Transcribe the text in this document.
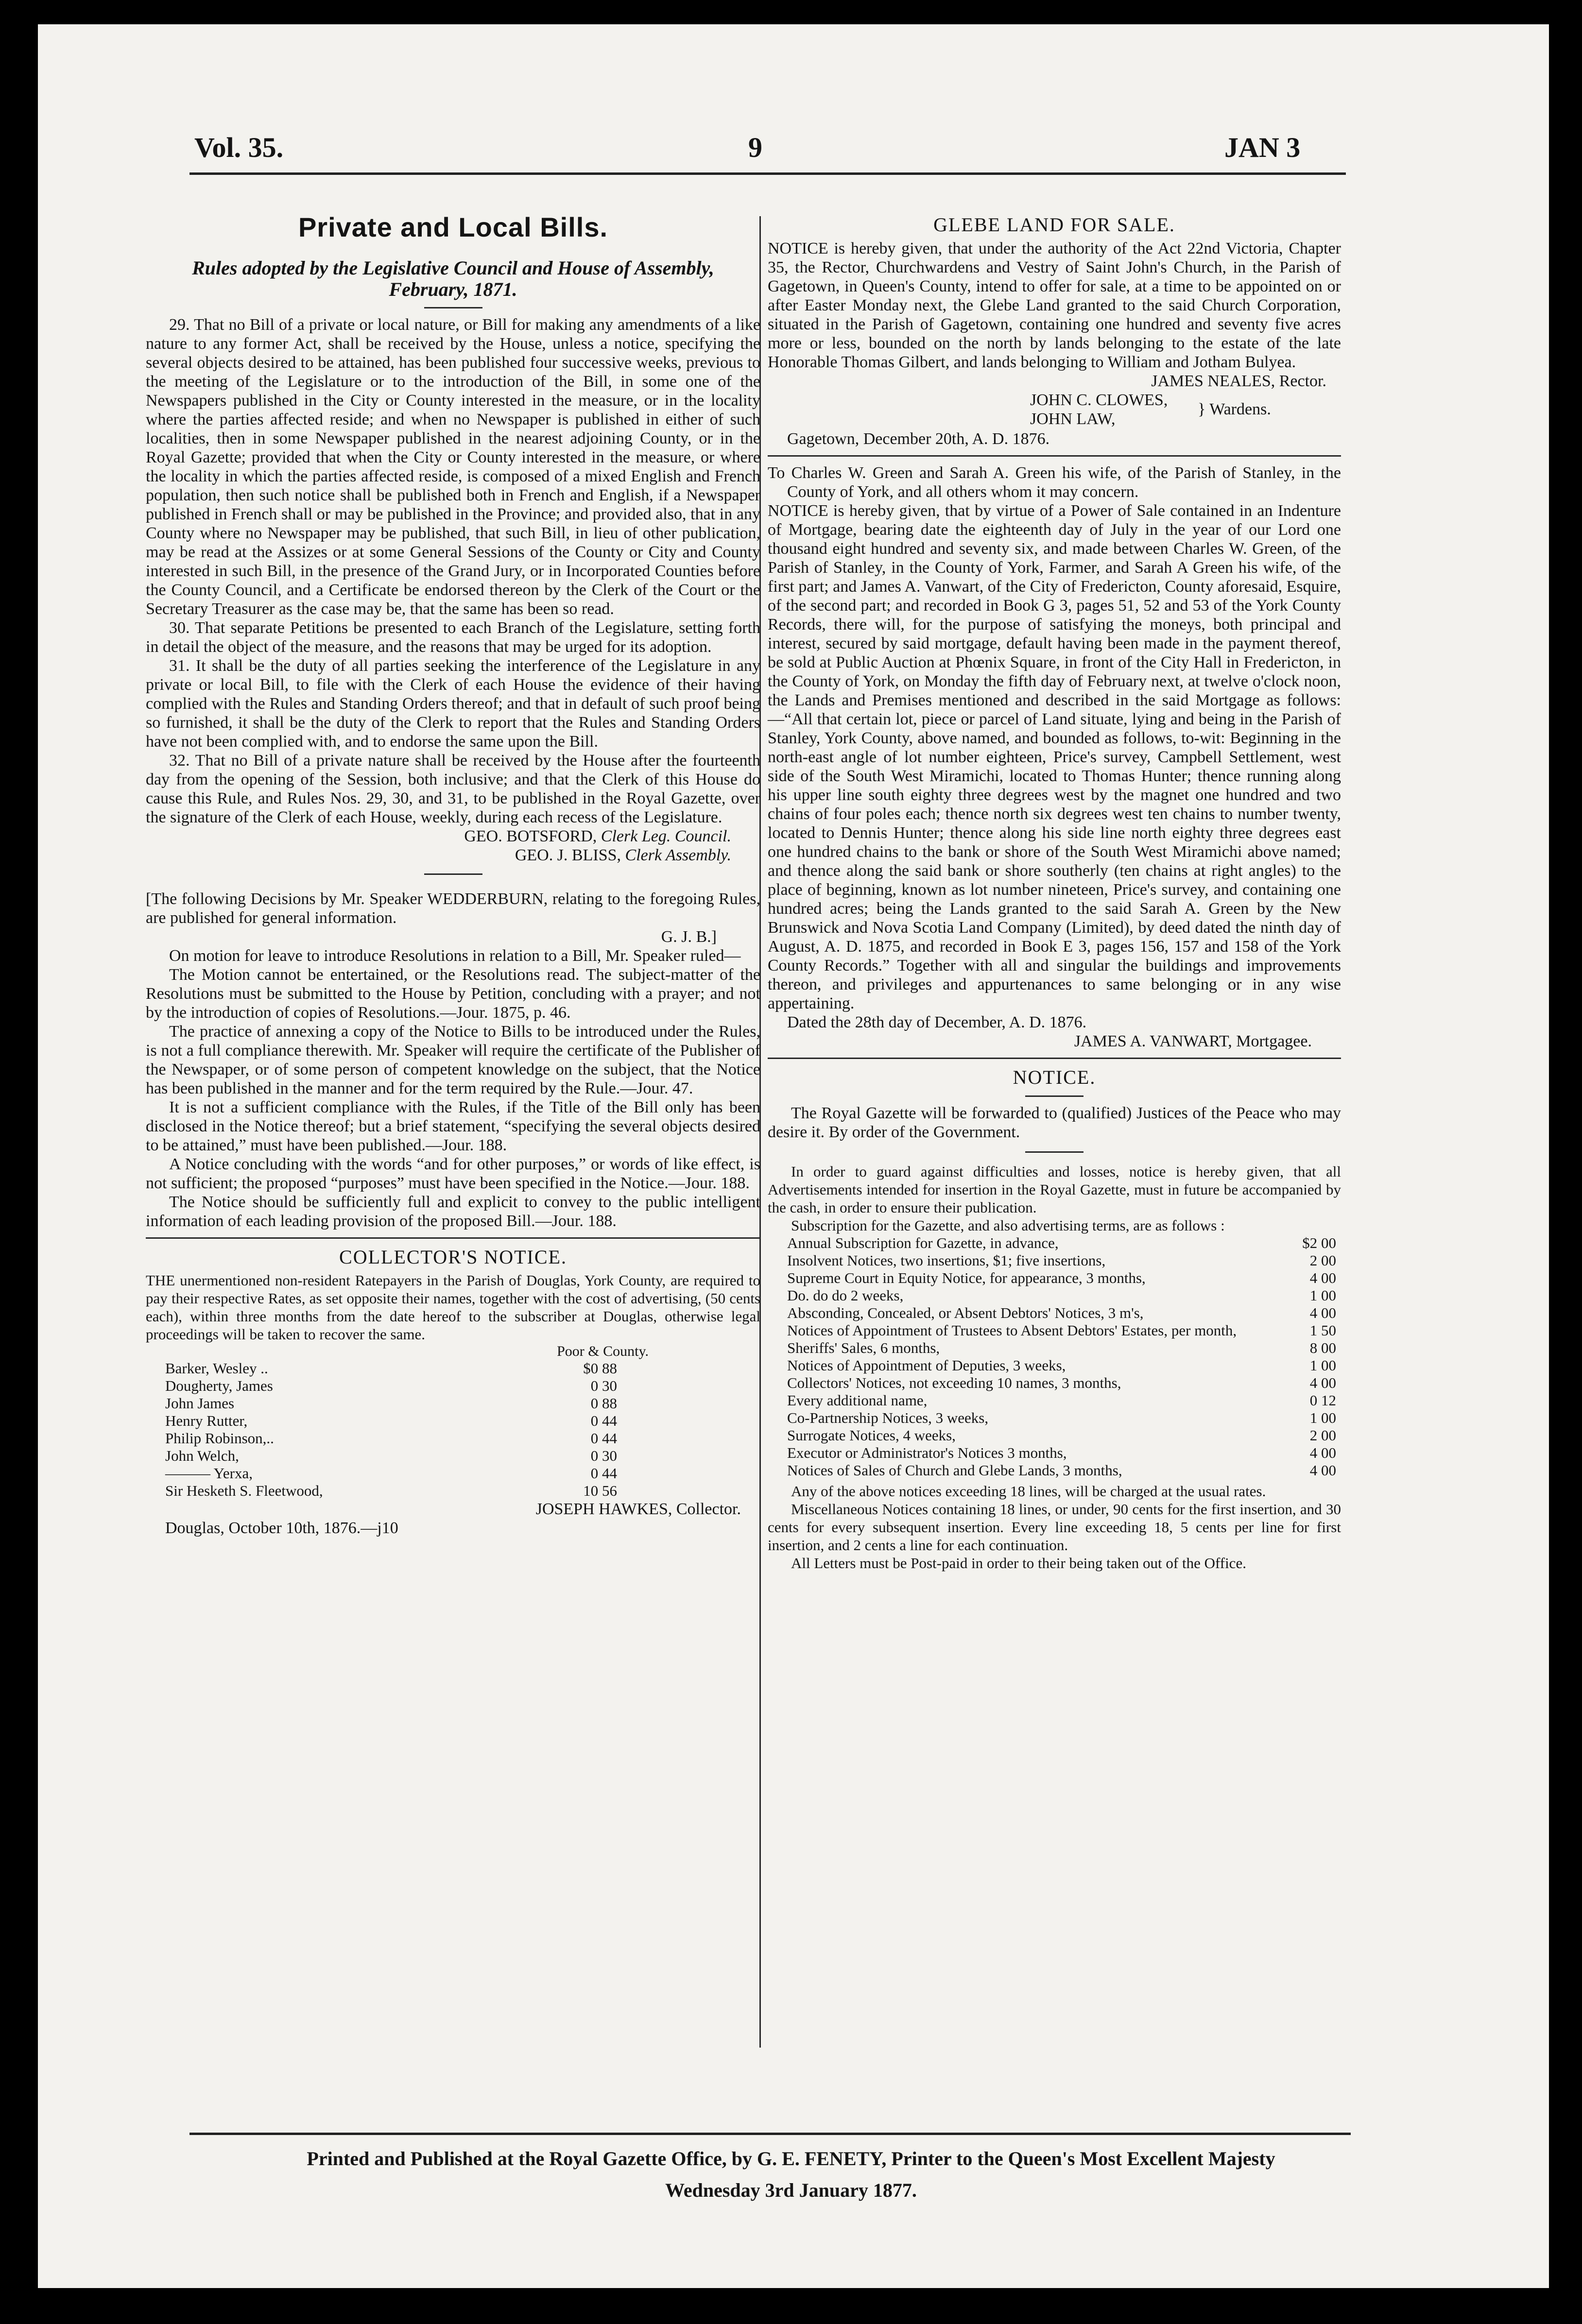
Vol. 35.	9	JAN 3
Private and Local Bills.
Rules adopted by the Legislative Council and House of Assembly, February, 1871.

29. That no Bill of a private or local nature, or Bill for making any amendments of a like nature to any former Act, shall be received by the House, unless a notice, specifying the several objects desired to be attained, has been published four successive weeks, previous to the meeting of the Legislature or to the introduction of the Bill, in some one of the Newspapers published in the City or County interested in the measure, or in the locality where the parties affected reside; and when no Newspaper is published in either of such localities, then in some Newspaper published in the nearest adjoining County, or in the Royal Gazette; provided that when the City or County interested in the measure, or where the locality in which the parties affected reside, is composed of a mixed English and French population, then such notice shall be published both in French and English, if a Newspaper published in French shall or may be published in the Province; and provided also, that in any County where no Newspaper may be published, that such Bill, in lieu of other publication, may be read at the Assizes or at some General Sessions of the County or City and County interested in such Bill, in the presence of the Grand Jury, or in Incorporated Counties before the County Council, and a Certificate be endorsed thereon by the Clerk of the Court or the Secretary Treasurer as the case may be, that the same has been so read.

30. That separate Petitions be presented to each Branch of the Legislature, setting forth in detail the object of the measure, and the reasons that may be urged for its adoption.

31. It shall be the duty of all parties seeking the interference of the Legislature in any private or local Bill, to file with the Clerk of each House the evidence of their having complied with the Rules and Standing Orders thereof; and that in default of such proof being so furnished, it shall be the duty of the Clerk to report that the Rules and Standing Orders have not been complied with, and to endorse the same upon the Bill.

32. That no Bill of a private nature shall be received by the House after the fourteenth day from the opening of the Session, both inclusive; and that the Clerk of this House do cause this Rule, and Rules Nos. 29, 30, and 31, to be published in the Royal Gazette, over the signature of the Clerk of each House, weekly, during each recess of the Legislature.

GEO. BOTSFORD, Clerk Leg. Council.
GEO. J. BLISS, Clerk Assembly.

[The following Decisions by Mr. Speaker WEDDERBURN, relating to the foregoing Rules, are published for general information.

G. J. B.]

On motion for leave to introduce Resolutions in relation to a Bill, Mr. Speaker ruled—

The Motion cannot be entertained, or the Resolutions read. The subject-matter of the Resolutions must be submitted to the House by Petition, concluding with a prayer; and not by the introduction of copies of Resolutions.—Jour. 1875, p. 46.

The practice of annexing a copy of the Notice to Bills to be introduced under the Rules, is not a full compliance therewith. Mr. Speaker will require the certificate of the Publisher of the Newspaper, or of some person of competent knowledge on the subject, that the Notice has been published in the manner and for the term required by the Rule.—Jour. 47.

It is not a sufficient compliance with the Rules, if the Title of the Bill only has been disclosed in the Notice thereof; but a brief statement, “specifying the several objects desired to be attained,” must have been published.—Jour. 188.

A Notice concluding with the words “and for other purposes,” or words of like effect, is not sufficient; the proposed “purposes” must have been specified in the Notice.—Jour. 188.

The Notice should be sufficiently full and explicit to convey to the public intelligent information of each leading provision of the proposed Bill.—Jour. 188.

COLLECTOR'S NOTICE.

THE unermentioned non-resident Ratepayers in the Parish of Douglas, York County, are required to pay their respective Rates, as set opposite their names, together with the cost of advertising, (50 cents each), within three months from the date hereof to the subscriber at Douglas, otherwise legal proceedings will be taken to recover the same.

Poor & County.
Barker, Wesley ..		$0 88
Dougherty, James		0 30
John James		0 88
Henry Rutter,		0 44
Philip Robinson,..		0 44
John Welch,		0 30
——— Yerxa,		0 44
Sir Hesketh S. Fleetwood,		10 56
JOSEPH HAWKES, Collector.

Douglas, October 10th, 1876.—j10

GLEBE LAND FOR SALE.

NOTICE is hereby given, that under the authority of the Act 22nd Victoria, Chapter 35, the Rector, Churchwardens and Vestry of Saint John's Church, in the Parish of Gagetown, in Queen's County, intend to offer for sale, at a time to be appointed on or after Easter Monday next, the Glebe Land granted to the said Church Corporation, situated in the Parish of Gagetown, containing one hundred and seventy five acres more or less, bounded on the north by lands belonging to the estate of the late Honorable Thomas Gilbert, and lands belonging to William and Jotham Bulyea.

JAMES NEALES, Rector.
JOHN C. CLOWES,
JOHN LAW,
} Wardens.

Gagetown, December 20th, A. D. 1876.

To Charles W. Green and Sarah A. Green his wife, of the Parish of Stanley, in the County of York, and all others whom it may concern.

NOTICE is hereby given, that by virtue of a Power of Sale contained in an Indenture of Mortgage, bearing date the eighteenth day of July in the year of our Lord one thousand eight hundred and seventy six, and made between Charles W. Green, of the Parish of Stanley, in the County of York, Farmer, and Sarah A Green his wife, of the first part; and James A. Vanwart, of the City of Fredericton, County aforesaid, Esquire, of the second part; and recorded in Book G 3, pages 51, 52 and 53 of the York County Records, there will, for the purpose of satisfying the moneys, both principal and interest, secured by said mortgage, default having been made in the payment thereof, be sold at Public Auction at Phœnix Square, in front of the City Hall in Fredericton, in the County of York, on Monday the fifth day of February next, at twelve o'clock noon, the Lands and Premises mentioned and described in the said Mortgage as follows:—“All that certain lot, piece or parcel of Land situate, lying and being in the Parish of Stanley, York County, above named, and bounded as follows, to-wit: Beginning in the north-east angle of lot number eighteen, Price's survey, Campbell Settlement, west side of the South West Miramichi, located to Thomas Hunter; thence running along his upper line south eighty three degrees west by the magnet one hundred and two chains of four poles each; thence north six degrees west ten chains to number twenty, located to Dennis Hunter; thence along his side line north eighty three degrees east one hundred chains to the bank or shore of the South West Miramichi above named; and thence along the said bank or shore southerly (ten chains at right angles) to the place of beginning, known as lot number nineteen, Price's survey, and containing one hundred acres; being the Lands granted to the said Sarah A. Green by the New Brunswick and Nova Scotia Land Company (Limited), by deed dated the ninth day of August, A. D. 1875, and recorded in Book E 3, pages 156, 157 and 158 of the York County Records.” Together with all and singular the buildings and improvements thereon, and privileges and appurtenances to same belonging or in any wise appertaining.

Dated the 28th day of December, A. D. 1876.

JAMES A. VANWART, Mortgagee.
NOTICE.

The Royal Gazette will be forwarded to (qualified) Justices of the Peace who may desire it. By order of the Government.

In order to guard against difficulties and losses, notice is hereby given, that all Advertisements intended for insertion in the Royal Gazette, must in future be accompanied by the cash, in order to ensure their publication.

Subscription for the Gazette, and also advertising terms, are as follows :

Annual Subscription for Gazette, in advance,	$2 00
Insolvent Notices, two insertions, $1; five insertions,	2 00
Supreme Court in Equity Notice, for appearance, 3 months,	4 00
Do. do do 2 weeks,	1 00
Absconding, Concealed, or Absent Debtors' Notices, 3 m's,	4 00
Notices of Appointment of Trustees to Absent Debtors' Estates, per month,	1 50
Sheriffs' Sales, 6 months,	8 00
Notices of Appointment of Deputies, 3 weeks,	1 00
Collectors' Notices, not exceeding 10 names, 3 months,	4 00
Every additional name,	0 12
Co-Partnership Notices, 3 weeks,	1 00
Surrogate Notices, 4 weeks,	2 00
Executor or Administrator's Notices 3 months,	4 00
Notices of Sales of Church and Glebe Lands, 3 months,	4 00

Any of the above notices exceeding 18 lines, will be charged at the usual rates.

Miscellaneous Notices containing 18 lines, or under, 90 cents for the first insertion, and 30 cents for every subsequent insertion. Every line exceeding 18, 5 cents per line for first insertion, and 2 cents a line for each continuation.

All Letters must be Post-paid in order to their being taken out of the Office.

Printed and Published at the Royal Gazette Office, by G. E. FENETY, Printer to the Queen's Most Excellent Majesty
Wednesday 3rd January 1877.
